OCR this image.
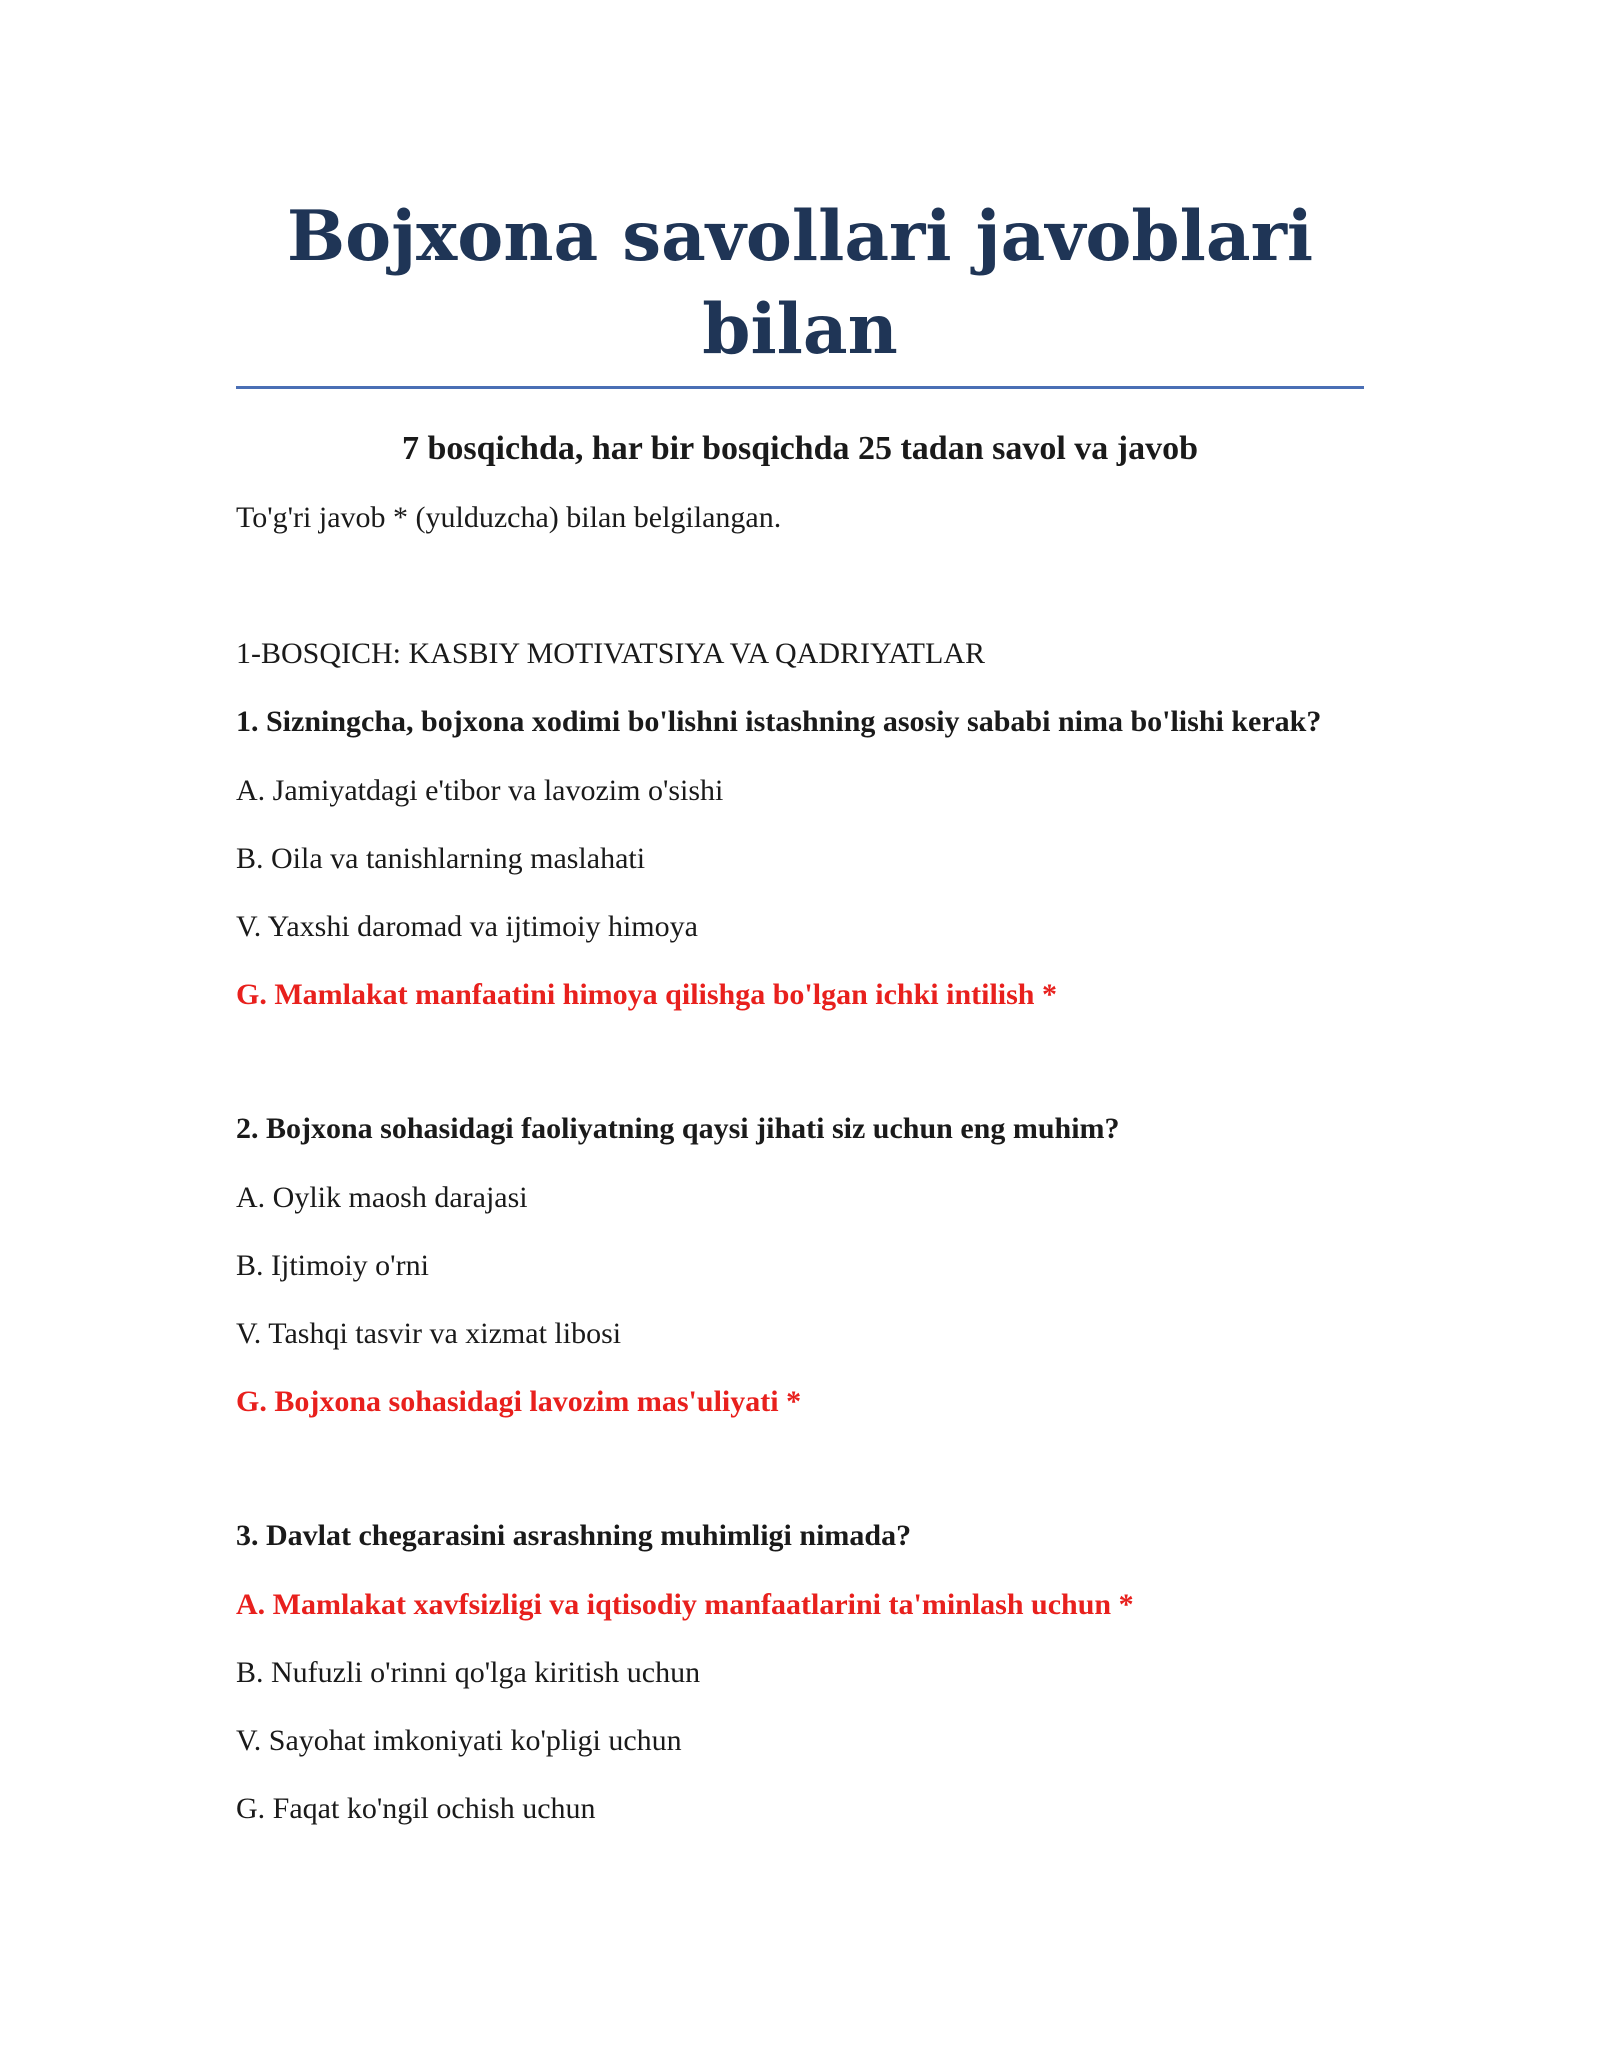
Bojxona savollari javoblari bilan
7 bosqichda, har bir bosqichda 25 tadan savol va javob

To'g'ri javob * (yulduzcha) bilan belgilangan.

1-BOSQICH: KASBIY MOTIVATSIYA VA QADRIYATLAR

1. Sizningcha, bojxona xodimi bo'lishni istashning asosiy sababi nima bo'lishi kerak?

A. Jamiyatdagi e'tibor va lavozim o'sishi

B. Oila va tanishlarning maslahati

V. Yaxshi daromad va ijtimoiy himoya

G. Mamlakat manfaatini himoya qilishga bo'lgan ichki intilish *

2. Bojxona sohasidagi faoliyatning qaysi jihati siz uchun eng muhim?

A. Oylik maosh darajasi

B. Ijtimoiy o'rni

V. Tashqi tasvir va xizmat libosi

G. Bojxona sohasidagi lavozim mas'uliyati *

3. Davlat chegarasini asrashning muhimligi nimada?

A. Mamlakat xavfsizligi va iqtisodiy manfaatlarini ta'minlash uchun *

B. Nufuzli o'rinni qo'lga kiritish uchun

V. Sayohat imkoniyati ko'pligi uchun

G. Faqat ko'ngil ochish uchun
